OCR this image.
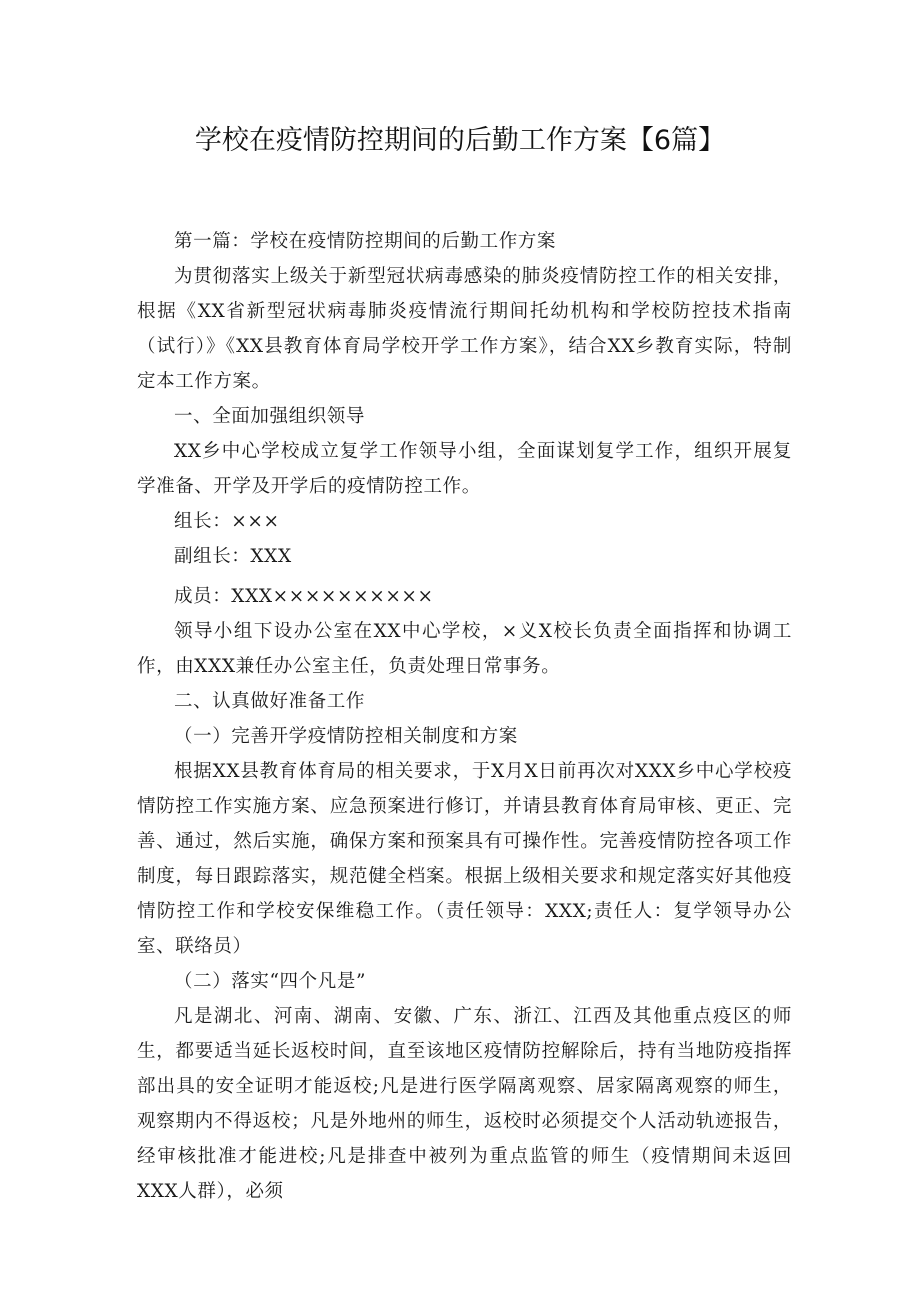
学校在疫情防控期间的后勤工作方案【6篇】

第一篇：学校在疫情防控期间的后勤工作方案

为贯彻落实上级关于新型冠状病毒感染的肺炎疫情防控工作的相关安排，根据《XX省新型冠状病毒肺炎疫情流行期间托幼机构和学校防控技术指南（试行）》《XX县教育体育局学校开学工作方案》，结合XX乡教育实际，特制定本工作方案。

一、全面加强组织领导

XX乡中心学校成立复学工作领导小组，全面谋划复学工作，组织开展复学准备、开学及开学后的疫情防控工作。

组长：×××

副组长：XXX

成员：XXX××××××××××

领导小组下设办公室在XX中心学校，×义X校长负责全面指挥和协调工作，由XXX兼任办公室主任，负责处理日常事务。

二、认真做好准备工作

（一）完善开学疫情防控相关制度和方案

根据XX县教育体育局的相关要求，于X月X日前再次对XXX乡中心学校疫情防控工作实施方案、应急预案进行修订，并请县教育体育局审核、更正、完善、通过，然后实施，确保方案和预案具有可操作性。完善疫情防控各项工作制度，每日跟踪落实，规范健全档案。根据上级相关要求和规定落实好其他疫情防控工作和学校安保维稳工作。（责任领导：XXX;责任人：复学领导办公室、联络员）

（二）落实“四个凡是”

凡是湖北、河南、湖南、安徽、广东、浙江、江西及其他重点疫区的师生，都要适当延长返校时间，直至该地区疫情防控解除后，持有当地防疫指挥部出具的安全证明才能返校;凡是进行医学隔离观察、居家隔离观察的师生，观察期内不得返校；凡是外地州的师生，返校时必须提交个人活动轨迹报告，经审核批准才能进校;凡是排查中被列为重点监管的师生（疫情期间未返回XXX人群），必须
